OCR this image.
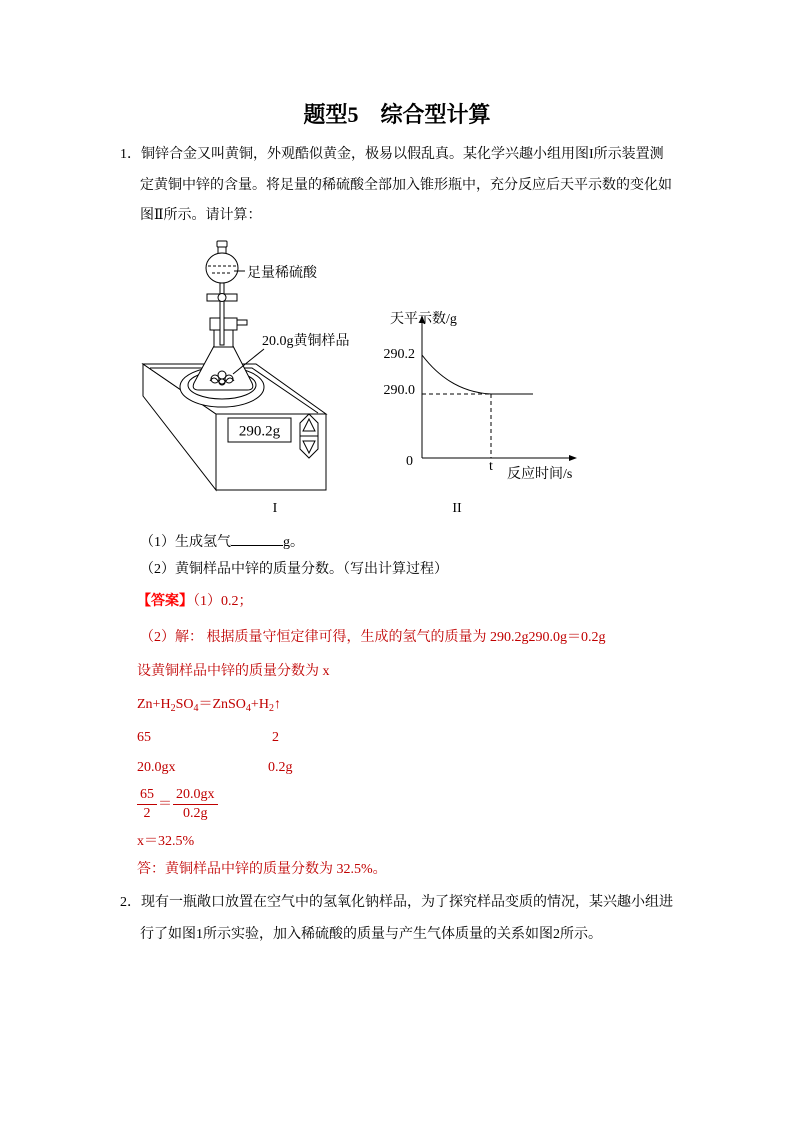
题型5　综合型计算
1． 铜锌合金又叫黄铜，外观酷似黄金，极易以假乱真。某化学兴趣小组用图I所示装置测
定黄铜中锌的含量。将足量的稀硫酸全部加入锥形瓶中，充分反应后天平示数的变化如
图Ⅱ所示。请计算：
290.2g
足量稀硫酸
20.0g黄铜样品
I
天平示数/g
290.2
290.0
0	t
反应时间/s
II
（1）生成氢气	g。
（2）黄铜样品中锌的质量分数。（写出计算过程）
【答案】（1）0.2；
（2）解： 根据质量守恒定律可得，生成的氢气的质量为 290.2g290.0g＝0.2g
设黄铜样品中锌的质量分数为 x
$Zn+H_2SO_4=ZnSO_4+H_2↑$
65	2
20.0gx	0.2g
$\frac{65}{2} = \frac{20.0gx}{0.2g}$
x＝32.5%
答：黄铜样品中锌的质量分数为 32.5%。
2． 现有一瓶敞口放置在空气中的氢氧化钠样品，为了探究样品变质的情况，某兴趣小组进
行了如图1所示实验，加入稀硫酸的质量与产生气体质量的关系如图2所示。
